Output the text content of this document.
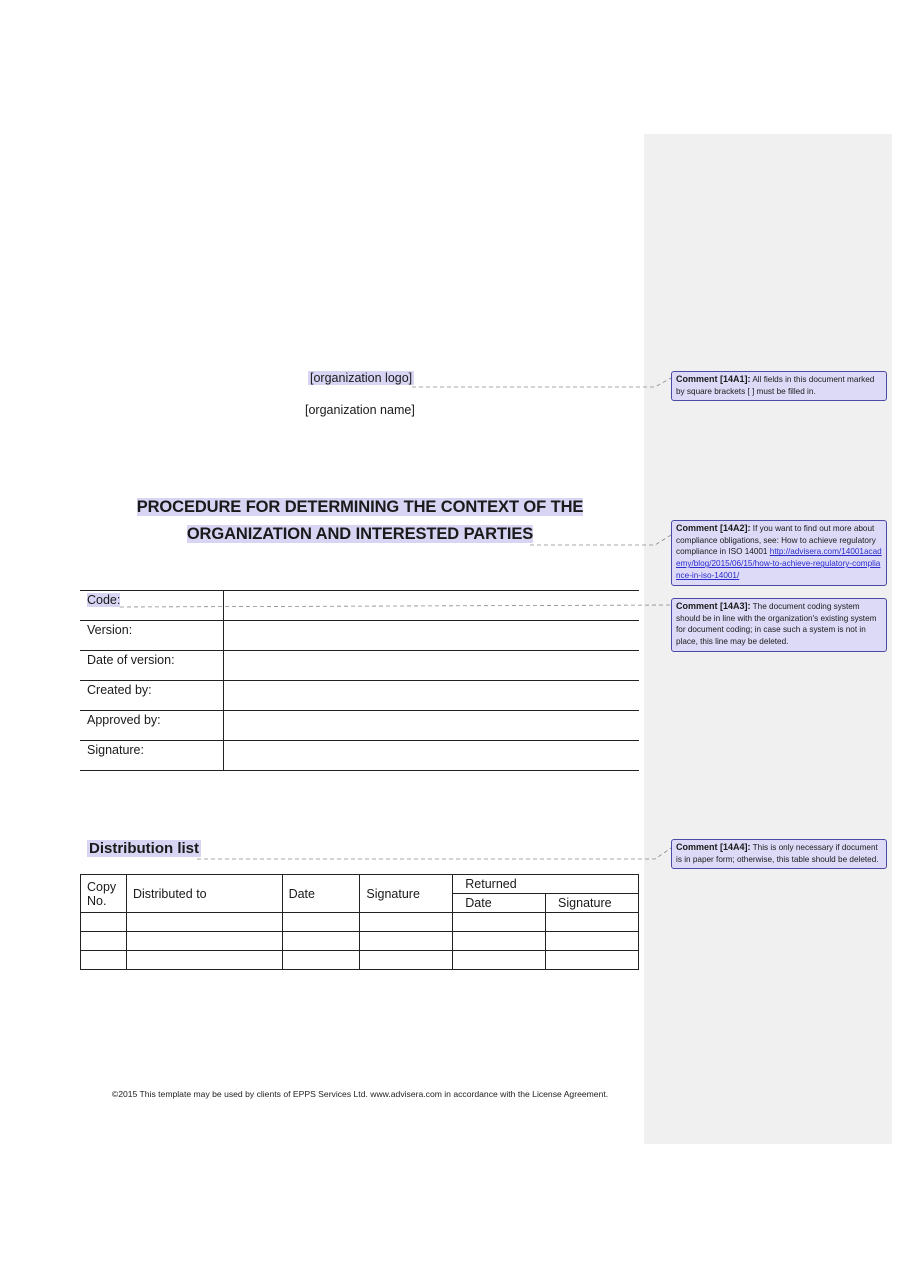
[organization logo]
[organization name]
PROCEDURE FOR DETERMINING THE CONTEXT OF THE
ORGANIZATION AND INTERESTED PARTIES
Code:	
Version:	
Date of version:	
Created by:	
Approved by:	
Signature:	
Distribution list
Copy No.	Distributed to	Date	Signature	Returned	
				Date	Signature

©2015 This template may be used by clients of EPPS Services Ltd. www.advisera.com in accordance with the License Agreement.
Comment [14A1]: All fields in this document marked by square brackets [ ] must be filled in.
Comment [14A2]: If you want to find out more about compliance obligations, see: How to achieve regulatory compliance in ISO 14001 http://advisera.com/14001academy/blog/2015/06/15/how-to-achieve-regulatory-compliance-in-iso-14001/
Comment [14A3]: The document coding system should be in line with the organization's existing system for document coding; in case such a system is not in place, this line may be deleted.
Comment [14A4]: This is only necessary if document is in paper form; otherwise, this table should be deleted.
